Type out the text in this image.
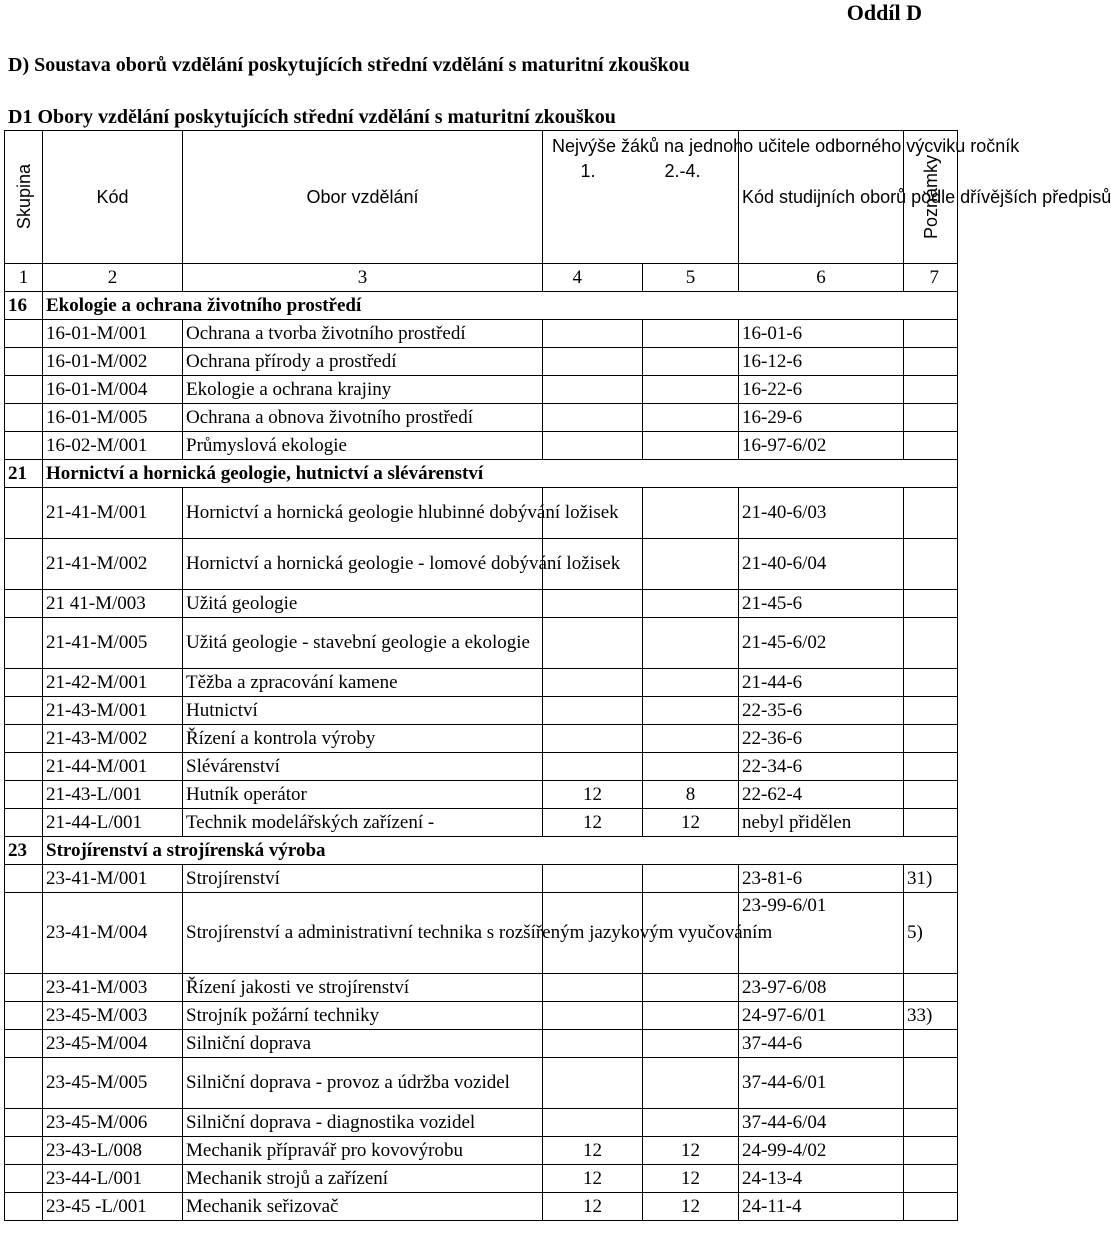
Oddíl D
D) Soustava oborů vzdělání poskytujících střední vzdělání s maturitní zkouškou
D1 Obory vzdělání poskytujících střední vzdělání s maturitní zkouškou
Skupina	Kód	Obor vzdělání	Nejvýše žáků na jednoho učitele odborného výcviku ročník
1. 2.-4.		Kód studijních oborů podle dřívějších předpisů	Poznámky

1	2	3	4	5	6	7
16	Ekologie a ochrana životního prostředí					
	16-01-M/001	Ochrana a tvorba životního prostředí			16-01-6	
	16-01-M/002	Ochrana přírody a prostředí			16-12-6	
	16-01-M/004	Ekologie a ochrana krajiny			16-22-6	
	16-01-M/005	Ochrana a obnova životního prostředí			16-29-6	
	16-02-M/001	Průmyslová ekologie			16-97-6/02	
21	Hornictví a hornická geologie, hutnictví a slévárenství					
	21-41-M/001	Hornictví a hornická geologie hlubinné dobývání ložisek			21-40-6/03	
	21-41-M/002	Hornictví a hornická geologie - lomové dobývání ložisek			21-40-6/04	
	21 41-M/003	Užitá geologie			21-45-6	
	21-41-M/005	Užitá geologie - stavební geologie a ekologie			21-45-6/02	
	21-42-M/001	Těžba a zpracování kamene			21-44-6	
	21-43-M/001	Hutnictví			22-35-6	
	21-43-M/002	Řízení a kontrola výroby			22-36-6	
	21-44-M/001	Slévárenství			22-34-6	
	21-43-L/001	Hutník operátor	12	8	22-62-4	
	21-44-L/001	Technik modelářských zařízení -	12	12	nebyl přidělen	
23	Strojírenství a strojírenská výroba					
	23-41-M/001	Strojírenství			23-81-6	31)
	23-41-M/004	Strojírenství a administrativní technika s rozšířeným jazykovým vyučováním			23-99-6/01	5)
	23-41-M/003	Řízení jakosti ve strojírenství			23-97-6/08	
	23-45-M/003	Strojník požární techniky			24-97-6/01	33)
	23-45-M/004	Silniční doprava			37-44-6	
	23-45-M/005	Silniční doprava - provoz a údržba vozidel			37-44-6/01	
	23-45-M/006	Silniční doprava - diagnostika vozidel			37-44-6/04	
	23-43-L/008	Mechanik přípravář pro kovovýrobu	12	12	24-99-4/02	
	23-44-L/001	Mechanik strojů a zařízení	12	12	24-13-4	
	23-45 -L/001	Mechanik seřizovač	12	12	24-11-4	
